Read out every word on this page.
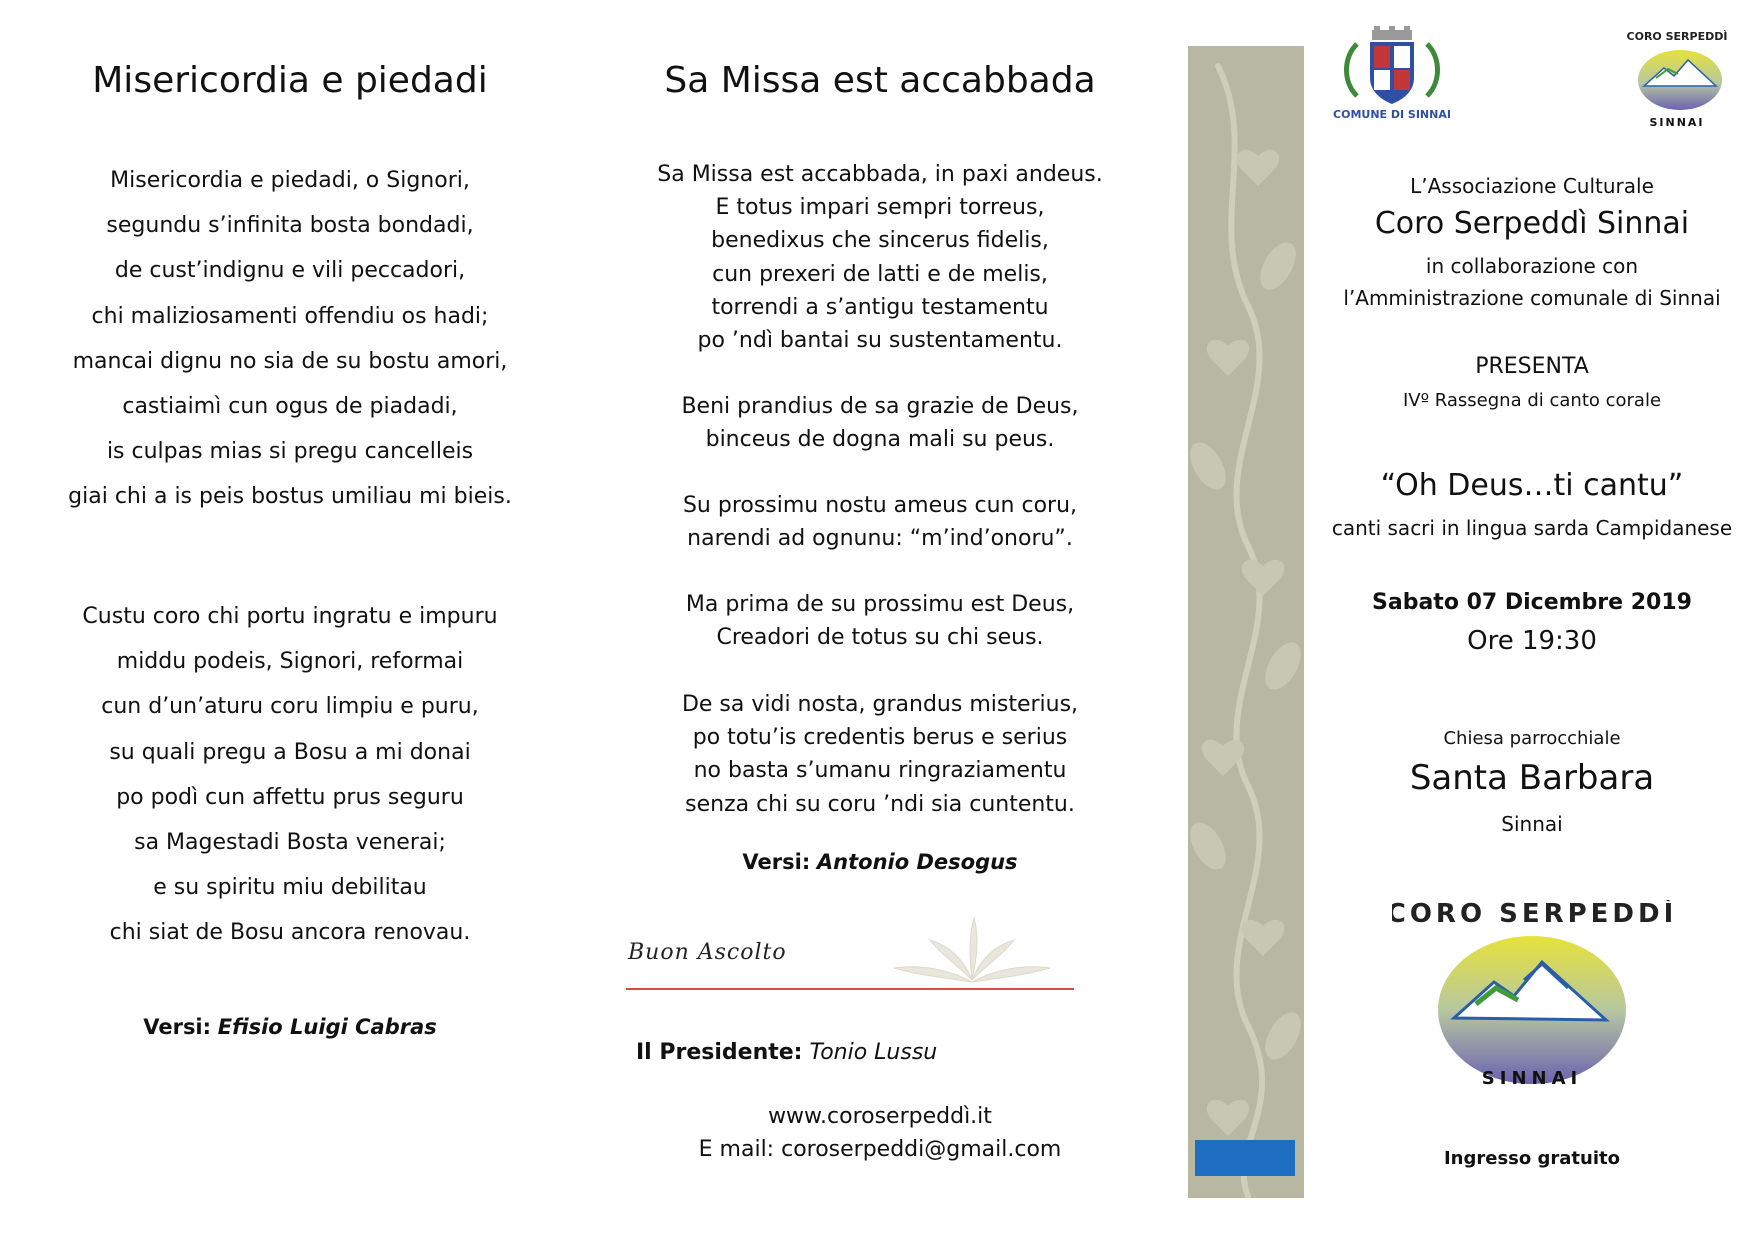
Misericordia e piedadi
Misericordia e piedadi, o Signori,
segundu s’infinita bosta bondadi,
de cust’indignu e vili peccadori,
chi maliziosamenti offendiu os hadi;
mancai dignu no sia de su bostu amori,
castiaimì cun ogus de piadadi,
is culpas mias si pregu cancelleis
giai chi a is peis bostus umiliau mi bieis.
Custu coro chi portu ingratu e impuru
middu podeis, Signori, reformai
cun d’un’aturu coru limpiu e puru,
su quali pregu a Bosu a mi donai
po podì cun affettu prus seguru
sa Magestadi Bosta venerai;
e su spiritu miu debilitau
chi siat de Bosu ancora renovau.
Versi: Efisio Luigi Cabras
Sa Missa est accabbada
Sa Missa est accabbada, in paxi andeus.
E totus impari sempri torreus,
benedixus che sincerus fidelis,
cun prexeri de latti e de melis,
torrendi a s’antigu testamentu
po ’ndì bantai su sustentamentu.
Beni prandius de sa grazie de Deus,
binceus de dogna mali su peus.
Su prossimu nostu ameus cun coru,
narendi ad ognunu: “m’ind’onoru”.
Ma prima de su prossimu est Deus,
Creadori de totus su chi seus.
De sa vidi nosta, grandus misterius,
po totu’is credentis berus e serius
no basta s’umanu ringraziamentu
senza chi su coru ’ndi sia cuntentu.
Versi: Antonio Desogus
Buon Ascolto
Il Presidente: Tonio Lussu
www.coroserpeddì.it
E mail: coroserpeddi@gmail.com
COMUNE DI SINNAI
CORO SERPEDDÌ
SINNAI
L’Associazione Culturale
Coro Serpeddì Sinnai
in collaborazione con
l’Amministrazione comunale di Sinnai
PRESENTA
IVº Rassegna di canto corale
“Oh Deus…ti cantu”
canti sacri in lingua sarda Campidanese
Sabato 07 Dicembre 2019
Ore 19:30
Chiesa parrocchiale
Santa Barbara
Sinnai
CORO SERPEDDÌ
SINNAI
Ingresso gratuito
